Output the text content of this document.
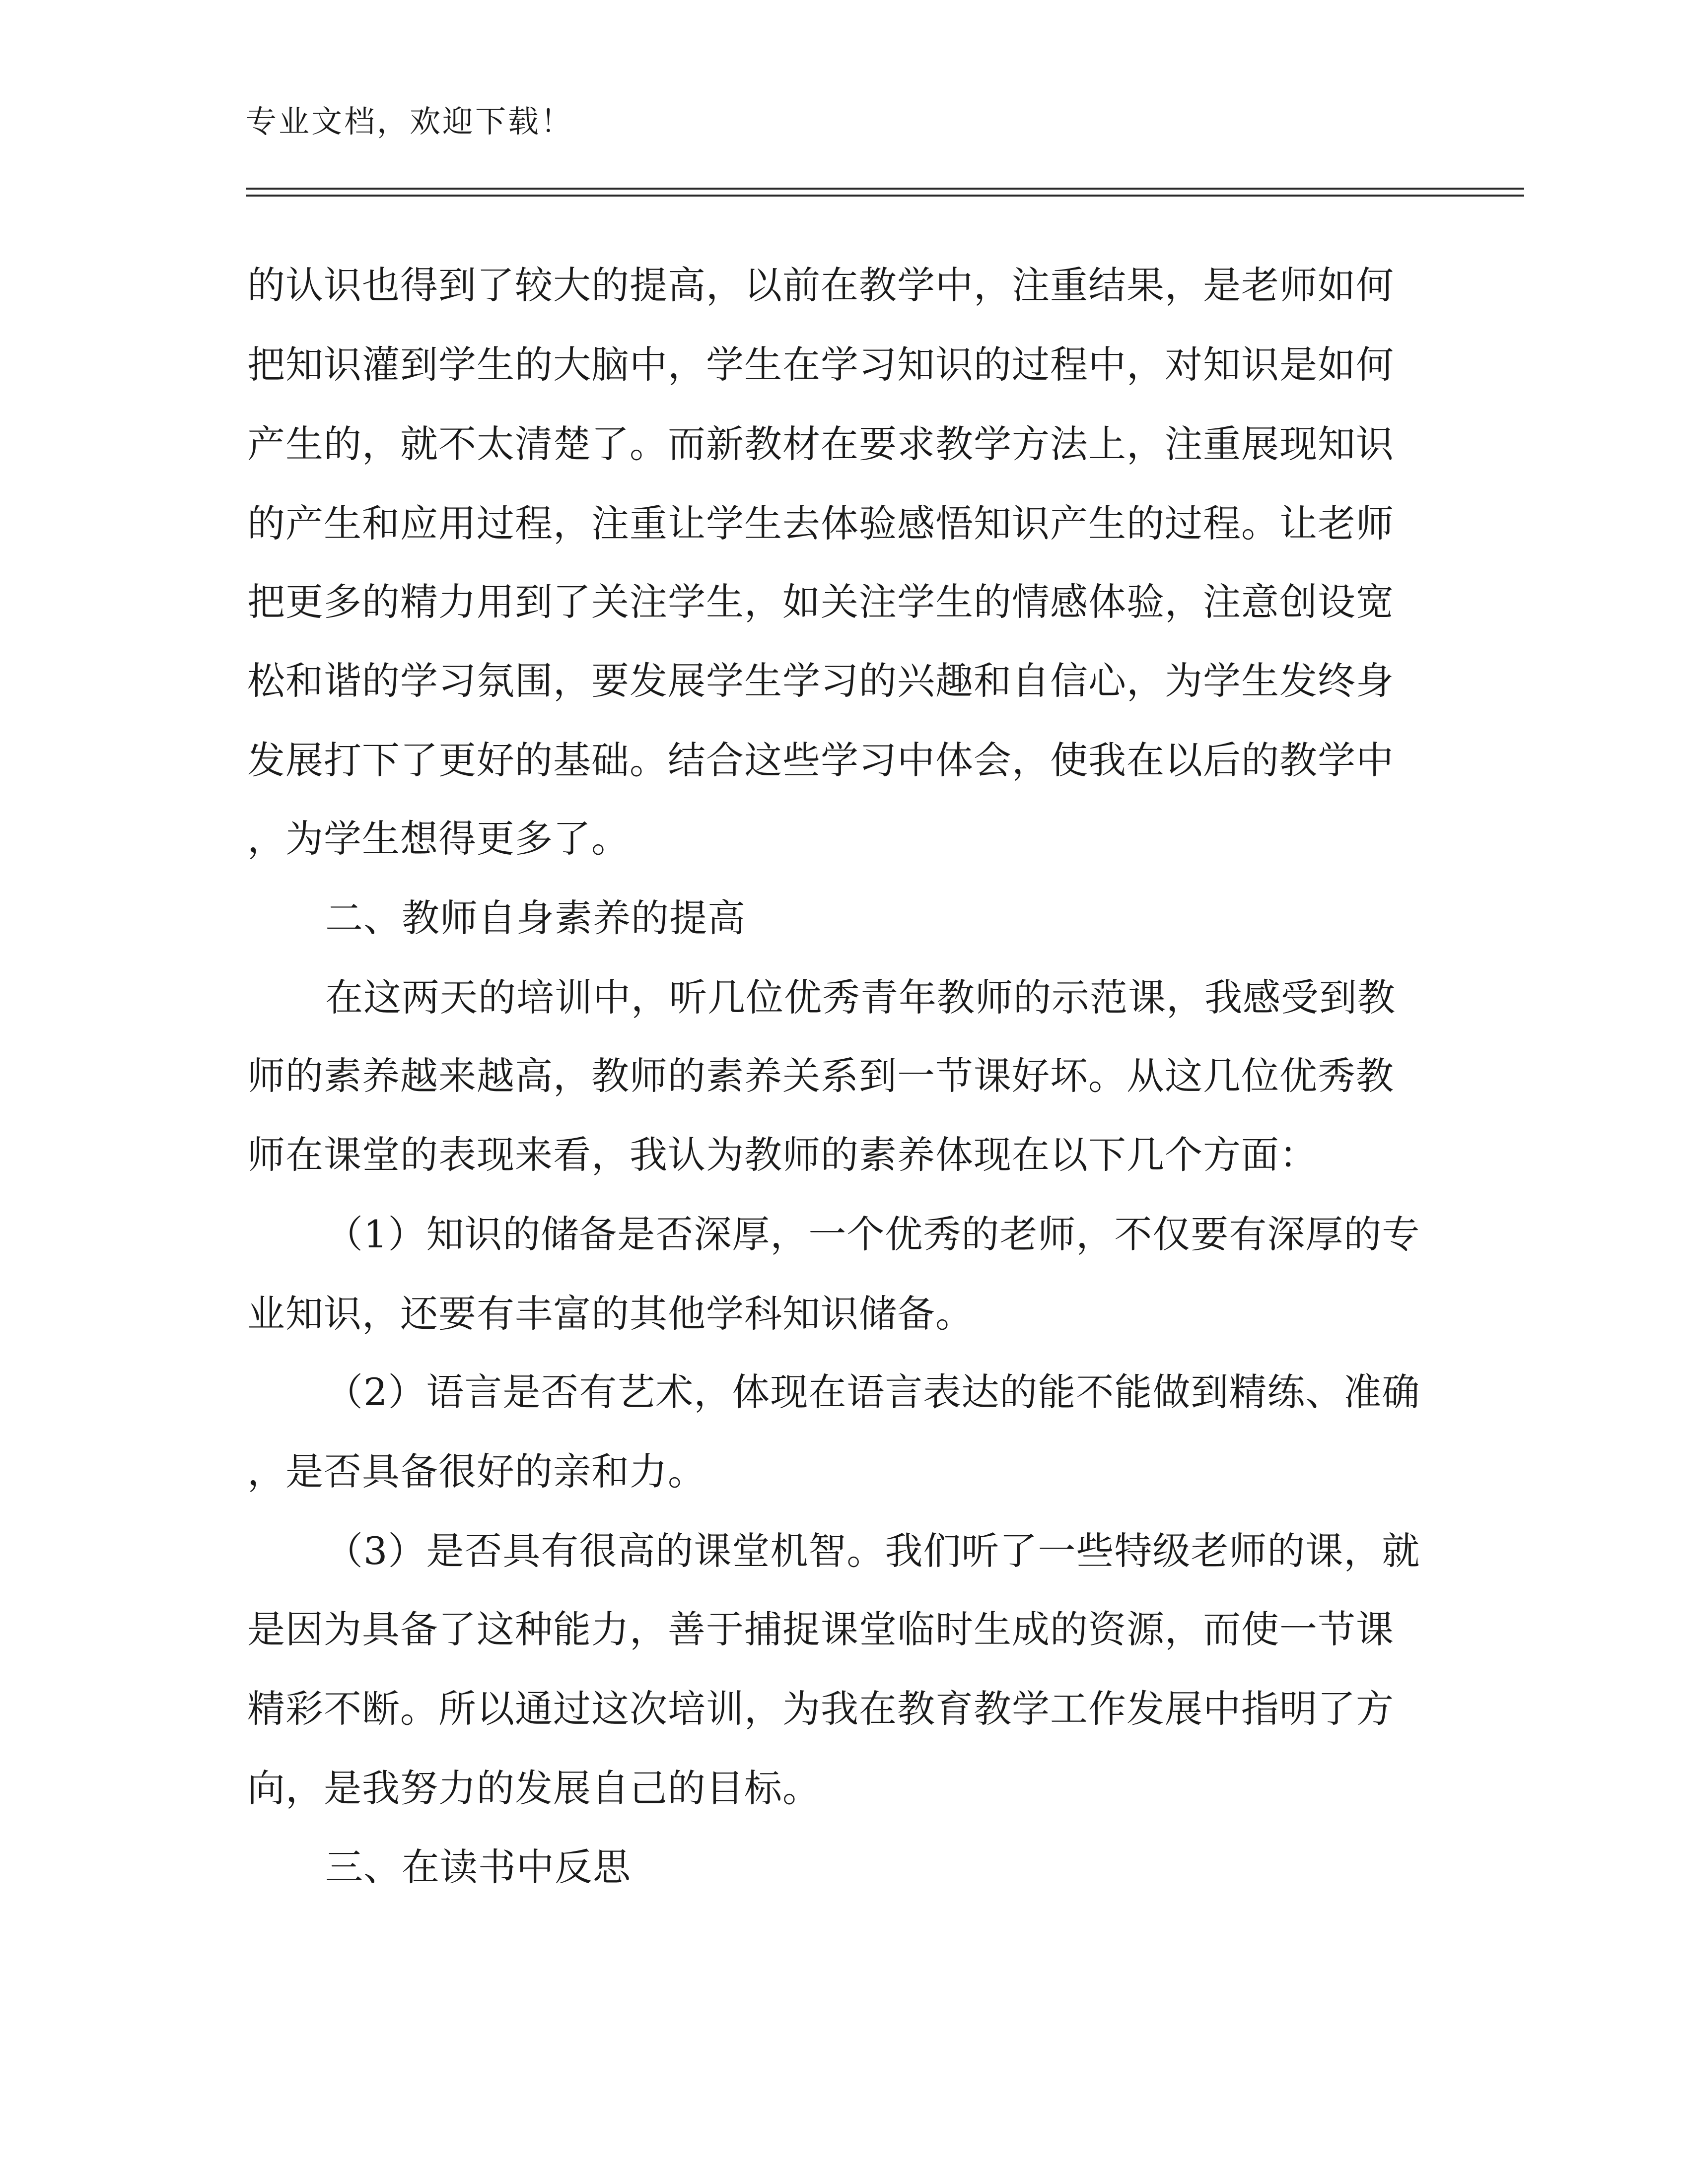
专业文档，欢迎下载！
的认识也得到了较大的提高，以前在教学中，注重结果，是老师如何
把知识灌到学生的大脑中，学生在学习知识的过程中，对知识是如何
产生的，就不太清楚了。而新教材在要求教学方法上，注重展现知识
的产生和应用过程，注重让学生去体验感悟知识产生的过程。让老师
把更多的精力用到了关注学生，如关注学生的情感体验，注意创设宽
松和谐的学习氛围，要发展学生学习的兴趣和自信心，为学生发终身
发展打下了更好的基础。结合这些学习中体会，使我在以后的教学中
，为学生想得更多了。
二、教师自身素养的提高
在这两天的培训中，听几位优秀青年教师的示范课，我感受到教
师的素养越来越高，教师的素养关系到一节课好坏。从这几位优秀教
师在课堂的表现来看，我认为教师的素养体现在以下几个方面：
（1）知识的储备是否深厚，一个优秀的老师，不仅要有深厚的专
业知识，还要有丰富的其他学科知识储备。
（2）语言是否有艺术，体现在语言表达的能不能做到精练、准确
，是否具备很好的亲和力。
（3）是否具有很高的课堂机智。我们听了一些特级老师的课，就
是因为具备了这种能力，善于捕捉课堂临时生成的资源，而使一节课
精彩不断。所以通过这次培训，为我在教育教学工作发展中指明了方
向，是我努力的发展自己的目标。
三、在读书中反思
